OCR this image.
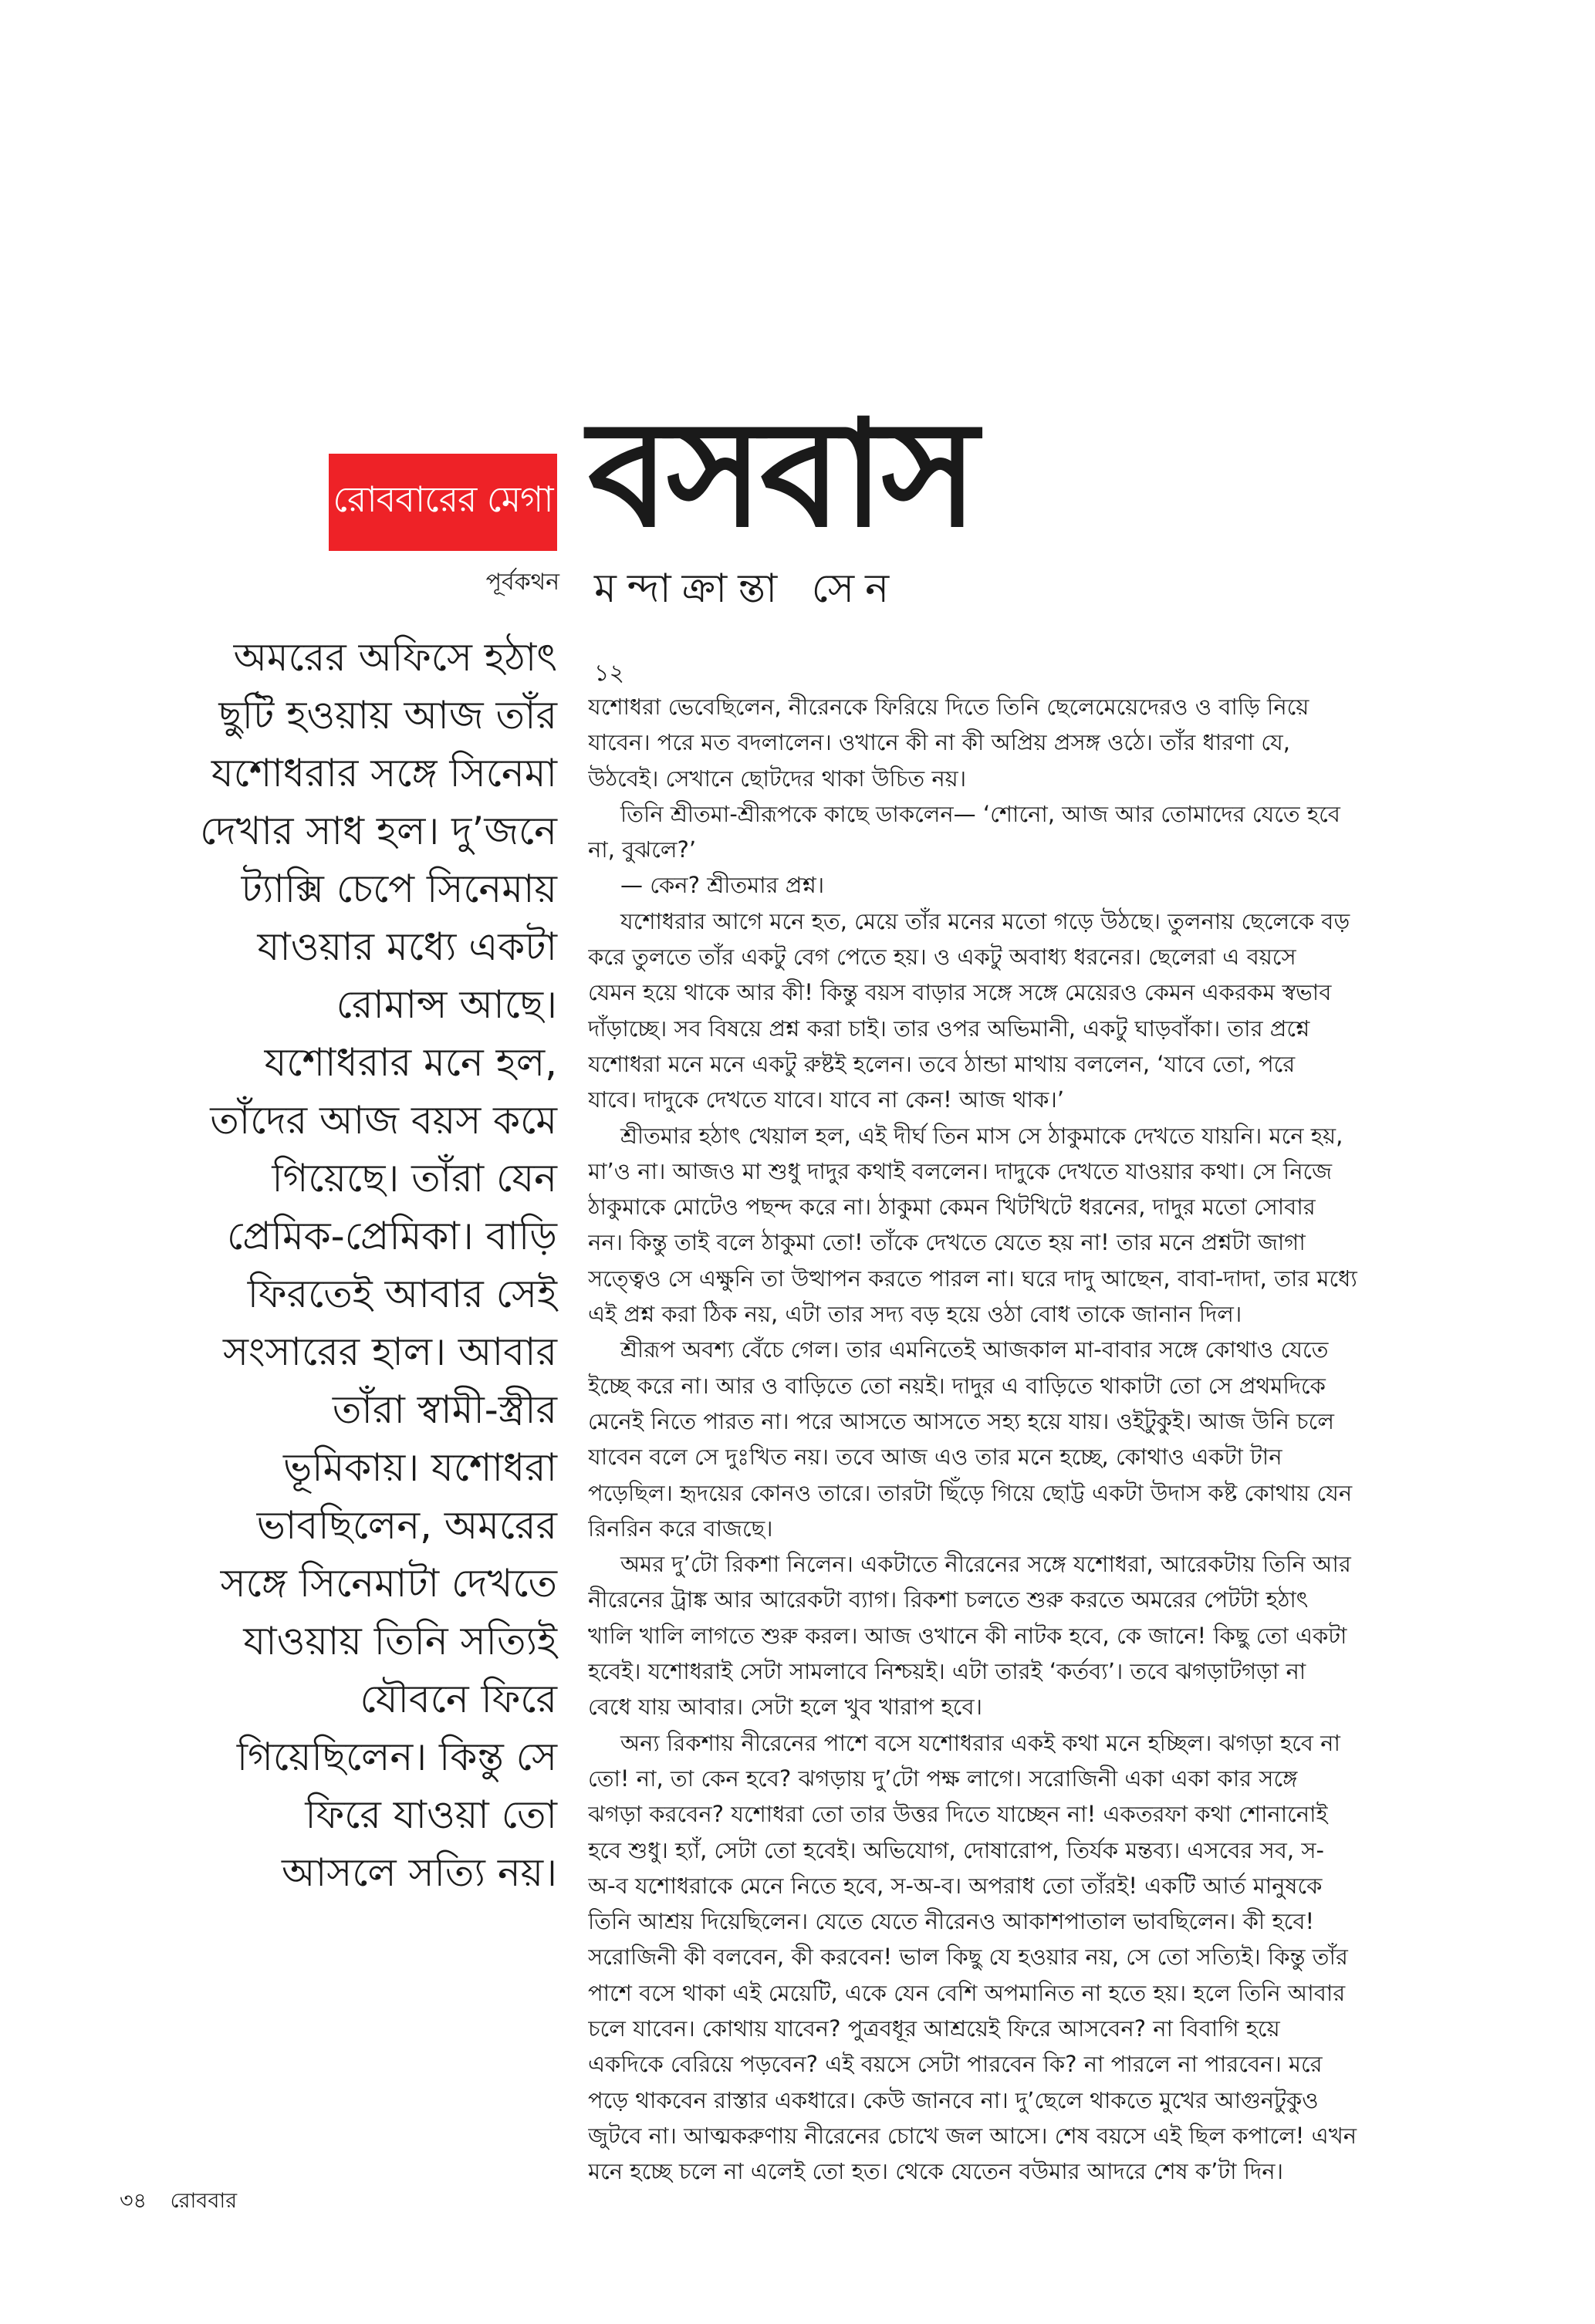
রোববারের মেগা বসবাস
পূর্বকথন মন্দাক্রান্তা সেন
অমরের অফিসে হঠাৎ
ছুটি হওয়ায় আজ তাঁর
যশোধরার সঙ্গে সিনেমা
দেখার সাধ হল। দু’জনে
ট্যাক্সি চেপে সিনেমায়
যাওয়ার মধ্যে একটা
রোমান্স আছে।
যশোধরার মনে হল,
তাঁদের আজ বয়স কমে
গিয়েছে। তাঁরা যেন
প্রেমিক-প্রেমিকা। বাড়ি
ফিরতেই আবার সেই
সংসারের হাল। আবার
তাঁরা স্বামী-স্ত্রীর
ভূমিকায়। যশোধরা
ভাবছিলেন, অমরের
সঙ্গে সিনেমাটা দেখতে
যাওয়ায় তিনি সত্যিই
যৌবনে ফিরে
গিয়েছিলেন। কিন্তু সে
ফিরে যাওয়া তো
আসলে সত্যি নয়।
১২
যশোধরা ভেবেছিলেন, নীরেনকে ফিরিয়ে দিতে তিনি ছেলেমেয়েদেরও ও বাড়ি নিয়ে
যাবেন। পরে মত বদলালেন। ওখানে কী না কী অপ্রিয় প্রসঙ্গ ওঠে। তাঁর ধারণা যে,
উঠবেই। সেখানে ছোটদের থাকা উচিত নয়।
তিনি শ্রীতমা-শ্রীরূপকে কাছে ডাকলেন— ‘শোনো, আজ আর তোমাদের যেতে হবে
না, বুঝলে?’
— কেন? শ্রীতমার প্রশ্ন।
যশোধরার আগে মনে হত, মেয়ে তাঁর মনের মতো গড়ে উঠছে। তুলনায় ছেলেকে বড়
করে তুলতে তাঁর একটু বেগ পেতে হয়। ও একটু অবাধ্য ধরনের। ছেলেরা এ বয়সে
যেমন হয়ে থাকে আর কী! কিন্তু বয়স বাড়ার সঙ্গে সঙ্গে মেয়েরও কেমন একরকম স্বভাব
দাঁড়াচ্ছে। সব বিষয়ে প্রশ্ন করা চাই। তার ওপর অভিমানী, একটু ঘাড়বাঁকা। তার প্রশ্নে
যশোধরা মনে মনে একটু রুষ্টই হলেন। তবে ঠান্ডা মাথায় বললেন, ‘যাবে তো, পরে
যাবে। দাদুকে দেখতে যাবে। যাবে না কেন! আজ থাক।’
শ্রীতমার হঠাৎ খেয়াল হল, এই দীর্ঘ তিন মাস সে ঠাকুমাকে দেখতে যায়নি। মনে হয়,
মা’ও না। আজও মা শুধু দাদুর কথাই বললেন। দাদুকে দেখতে যাওয়ার কথা। সে নিজে
ঠাকুমাকে মোটেও পছন্দ করে না। ঠাকুমা কেমন খিটখিটে ধরনের, দাদুর মতো সোবার
নন। কিন্তু তাই বলে ঠাকুমা তো! তাঁকে দেখতে যেতে হয় না! তার মনে প্রশ্নটা জাগা
সত্ত্বেও সে এক্ষুনি তা উত্থাপন করতে পারল না। ঘরে দাদু আছেন, বাবা-দাদা, তার মধ্যে
এই প্রশ্ন করা ঠিক নয়, এটা তার সদ্য বড় হয়ে ওঠা বোধ তাকে জানান দিল।
শ্রীরূপ অবশ্য বেঁচে গেল। তার এমনিতেই আজকাল মা-বাবার সঙ্গে কোথাও যেতে
ইচ্ছে করে না। আর ও বাড়িতে তো নয়ই। দাদুর এ বাড়িতে থাকাটা তো সে প্রথমদিকে
মেনেই নিতে পারত না। পরে আসতে আসতে সহ্য হয়ে যায়। ওইটুকুই। আজ উনি চলে
যাবেন বলে সে দুঃখিত নয়। তবে আজ এও তার মনে হচ্ছে, কোথাও একটা টান
পড়েছিল। হৃদয়ের কোনও তারে। তারটা ছিঁড়ে গিয়ে ছোট্ট একটা উদাস কষ্ট কোথায় যেন
রিনরিন করে বাজছে।
অমর দু’টো রিকশা নিলেন। একটাতে নীরেনের সঙ্গে যশোধরা, আরেকটায় তিনি আর
নীরেনের ট্রাঙ্ক আর আরেকটা ব্যাগ। রিকশা চলতে শুরু করতে অমরের পেটটা হঠাৎ
খালি খালি লাগতে শুরু করল। আজ ওখানে কী নাটক হবে, কে জানে! কিছু তো একটা
হবেই। যশোধরাই সেটা সামলাবে নিশ্চয়ই। এটা তারই ‘কর্তব্য’। তবে ঝগড়াটগড়া না
বেধে যায় আবার। সেটা হলে খুব খারাপ হবে।
অন্য রিকশায় নীরেনের পাশে বসে যশোধরার একই কথা মনে হচ্ছিল। ঝগড়া হবে না
তো! না, তা কেন হবে? ঝগড়ায় দু’টো পক্ষ লাগে। সরোজিনী একা একা কার সঙ্গে
ঝগড়া করবেন? যশোধরা তো তার উত্তর দিতে যাচ্ছেন না! একতরফা কথা শোনানোই
হবে শুধু। হ্যাঁ, সেটা তো হবেই। অভিযোগ, দোষারোপ, তির্যক মন্তব্য। এসবের সব, স-
অ-ব যশোধরাকে মেনে নিতে হবে, স-অ-ব। অপরাধ তো তাঁরই! একটি আর্ত মানুষকে
তিনি আশ্রয় দিয়েছিলেন। যেতে যেতে নীরেনও আকাশপাতাল ভাবছিলেন। কী হবে!
সরোজিনী কী বলবেন, কী করবেন! ভাল কিছু যে হওয়ার নয়, সে তো সত্যিই। কিন্তু তাঁর
পাশে বসে থাকা এই মেয়েটি, একে যেন বেশি অপমানিত না হতে হয়। হলে তিনি আবার
চলে যাবেন। কোথায় যাবেন? পুত্রবধূর আশ্রয়েই ফিরে আসবেন? না বিবাগি হয়ে
একদিকে বেরিয়ে পড়বেন? এই বয়সে সেটা পারবেন কি? না পারলে না পারবেন। মরে
পড়ে থাকবেন রাস্তার একধারে। কেউ জানবে না। দু’ছেলে থাকতে মুখের আগুনটুকুও
জুটবে না। আত্মকরুণায় নীরেনের চোখে জল আসে। শেষ বয়সে এই ছিল কপালে! এখন
মনে হচ্ছে চলে না এলেই তো হত। থেকে যেতেন বউমার আদরে শেষ ক’টা দিন।
৩৪ রোববার
